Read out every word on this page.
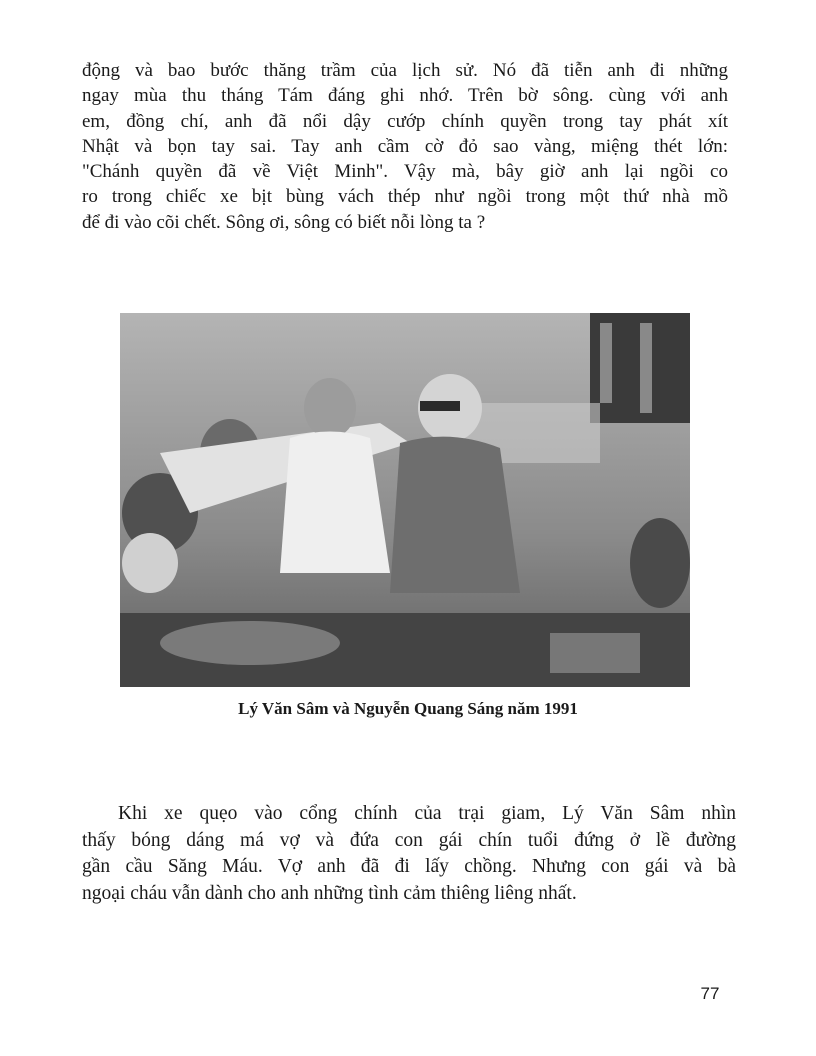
động và bao bước thăng trầm của lịch sử. Nó đã tiễn anh đi những
ngay mùa thu tháng Tám đáng ghi nhớ. Trên bờ sông. cùng với anh
em, đồng chí, anh đã nổi dậy cướp chính quyền trong tay phát xít
Nhật và bọn tay sai. Tay anh cầm cờ đỏ sao vàng, miệng thét lớn:
"Chánh quyền đã về Việt Minh". Vậy mà, bây giờ anh lại ngồi co
ro trong chiếc xe bịt bùng vách thép như ngồi trong một thứ nhà mồ
để đi vào cõi chết. Sông ơi, sông có biết nỗi lòng ta ?

Lý Văn Sâm và Nguyễn Quang Sáng năm 1991

Khi xe quẹo vào cổng chính của trại giam, Lý Văn Sâm nhìn
thấy bóng dáng má vợ và đứa con gái chín tuổi đứng ở lề đường
gần cầu Săng Máu. Vợ anh đã đi lấy chồng. Nhưng con gái và bà
ngoại cháu vẫn dành cho anh những tình cảm thiêng liêng nhất.

77
